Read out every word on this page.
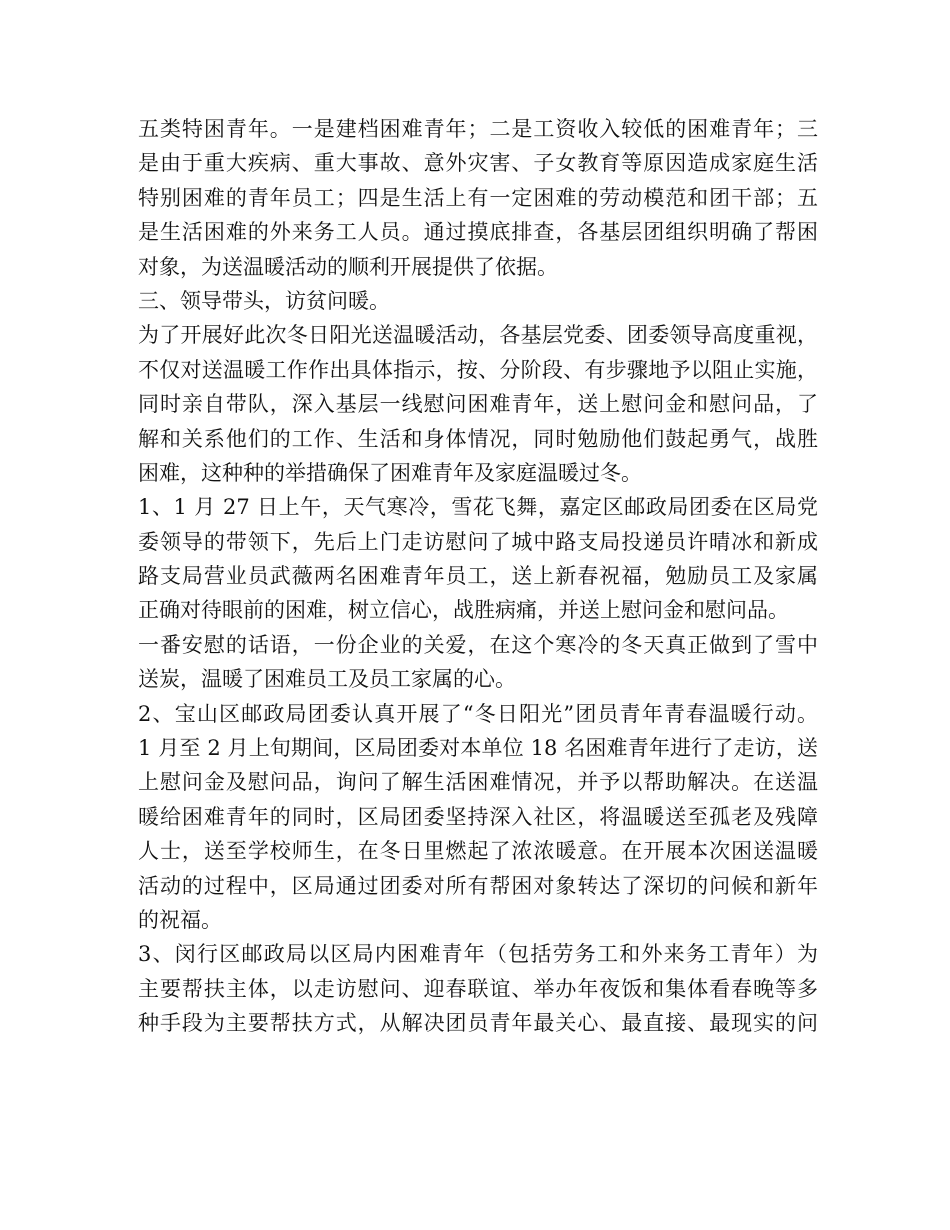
五类特困青年。一是建档困难青年；二是工资收入较低的困难青年；三
是由于重大疾病、重大事故、意外灾害、子女教育等原因造成家庭生活
特别困难的青年员工；四是生活上有一定困难的劳动模范和团干部；五
是生活困难的外来务工人员。通过摸底排查，各基层团组织明确了帮困
对象，为送温暖活动的顺利开展提供了依据。
三、领导带头，访贫问暖。
为了开展好此次冬日阳光送温暖活动，各基层党委、团委领导高度重视，
不仅对送温暖工作作出具体指示，按、分阶段、有步骤地予以阻止实施，
同时亲自带队，深入基层一线慰问困难青年，送上慰问金和慰问品，了
解和关系他们的工作、生活和身体情况，同时勉励他们鼓起勇气，战胜
困难，这种种的举措确保了困难青年及家庭温暖过冬。
1、1 月 27 日上午，天气寒冷，雪花飞舞，嘉定区邮政局团委在区局党
委领导的带领下，先后上门走访慰问了城中路支局投递员许晴冰和新成
路支局营业员武薇两名困难青年员工，送上新春祝福，勉励员工及家属
正确对待眼前的困难，树立信心，战胜病痛，并送上慰问金和慰问品。
一番安慰的话语，一份企业的关爱，在这个寒冷的冬天真正做到了雪中
送炭，温暖了困难员工及员工家属的心。
2、宝山区邮政局团委认真开展了“冬日阳光”团员青年青春温暖行动。
1 月至 2 月上旬期间，区局团委对本单位 18 名困难青年进行了走访，送
上慰问金及慰问品，询问了解生活困难情况，并予以帮助解决。在送温
暖给困难青年的同时，区局团委坚持深入社区，将温暖送至孤老及残障
人士，送至学校师生，在冬日里燃起了浓浓暖意。在开展本次困送温暖
活动的过程中，区局通过团委对所有帮困对象转达了深切的问候和新年
的祝福。
3、闵行区邮政局以区局内困难青年（包括劳务工和外来务工青年）为
主要帮扶主体，以走访慰问、迎春联谊、举办年夜饭和集体看春晚等多
种手段为主要帮扶方式，从解决团员青年最关心、最直接、最现实的问
